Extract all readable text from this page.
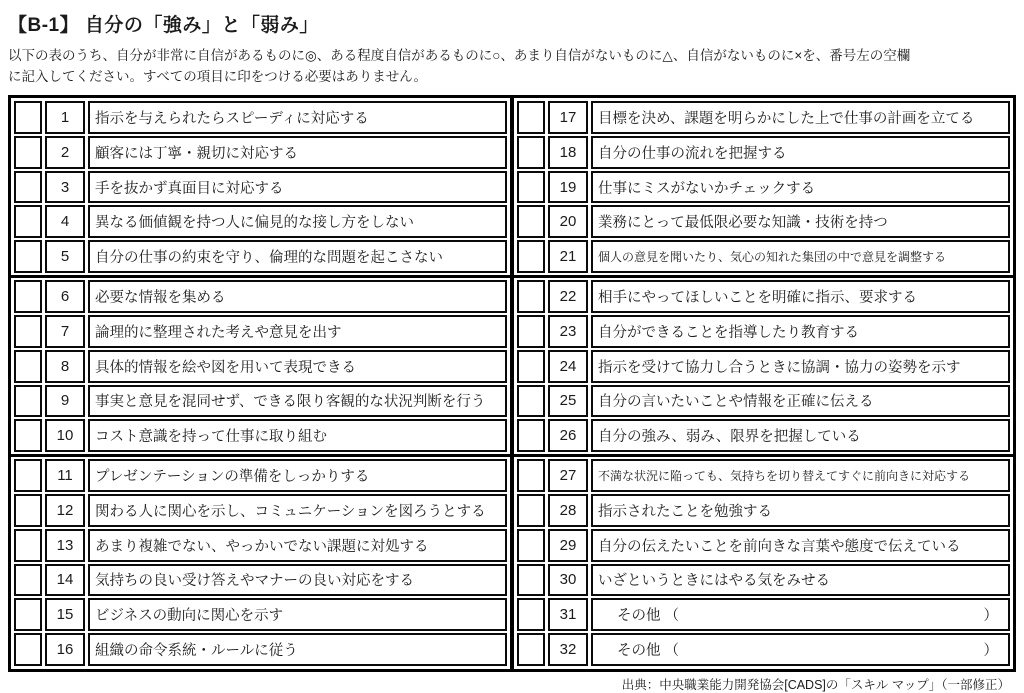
【B-1】 自分の「強み」と「弱み」
以下の表のうち、自分が非常に自信があるものに◎、ある程度自信があるものに○、あまり自信がないものに△、自信がないものに×を、番号左の空欄
に記入してください。すべての項目に印をつける必要はありません。
1	指示を与えられたらスピーディに対応する
2	顧客には丁寧・親切に対応する
3	手を抜かず真面目に対応する
4	異なる価値観を持つ人に偏見的な接し方をしない
5	自分の仕事の約束を守り、倫理的な問題を起こさない
6	必要な情報を集める
7	論理的に整理された考えや意見を出す
8	具体的情報を絵や図を用いて表現できる
9	事実と意見を混同せず、できる限り客観的な状況判断を行う
10	コスト意識を持って仕事に取り組む
11	プレゼンテーションの準備をしっかりする
12	関わる人に関心を示し、コミュニケーションを図ろうとする
13	あまり複雑でない、やっかいでない課題に対処する
14	気持ちの良い受け答えやマナーの良い対応をする
15	ビジネスの動向に関心を示す
16	組織の命令系統・ルールに従う
17	目標を決め、課題を明らかにした上で仕事の計画を立てる
18	自分の仕事の流れを把握する
19	仕事にミスがないかチェックする
20	業務にとって最低限必要な知識・技術を持つ
21	個人の意見を聞いたり、気心の知れた集団の中で意見を調整する
22	相手にやってほしいことを明確に指示、要求する
23	自分ができることを指導したり教育する
24	指示を受けて協力し合うときに協調・協力の姿勢を示す
25	自分の言いたいことや情報を正確に伝える
26	自分の強み、弱み、限界を把握している
27	不満な状況に陥っても、気持ちを切り替えてすぐに前向きに対応する
28	指示されたことを勉強する
29	自分の伝えたいことを前向きな言葉や態度で伝えている
30	いざというときにはやる気をみせる
31	その他 （	）
32	その他 （	）
出典：中央職業能力開発協会[CADS]の「スキル マップ」（一部修正）
